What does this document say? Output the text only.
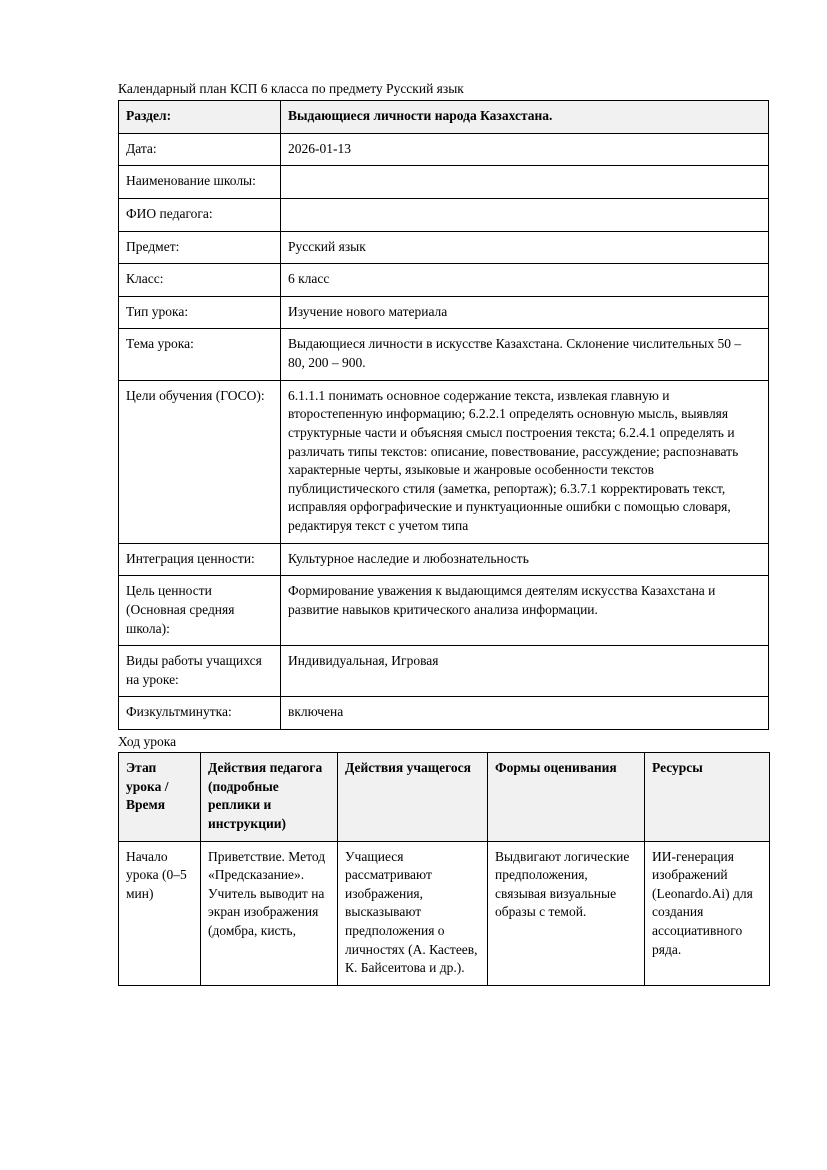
Календарный план КСП 6 класса по предмету Русский язык
Раздел:	Выдающиеся личности народа Казахстана.
Дата:	2026-01-13
Наименование школы:	
ФИО педагога:	
Предмет:	Русский язык
Класс:	6 класс
Тип урока:	Изучение нового материала
Тема урока:	Выдающиеся личности в искусстве Казахстана. Склонение числительных 50 – 80, 200 – 900.
Цели обучения (ГОСО):	6.1.1.1 понимать основное содержание текста, извлекая главную и второстепенную информацию; 6.2.2.1 определять основную мысль, выявляя структурные части и объясняя смысл построения текста; 6.2.4.1 определять и различать типы текстов: описание, повествование, рассуждение; распознавать характерные черты, языковые и жанровые особенности текстов публицистического стиля (заметка, репортаж); 6.3.7.1 корректировать текст, исправляя орфографические и пунктуационные ошибки с помощью словаря, редактируя текст с учетом типа
Интеграция ценности:	Культурное наследие и любознательность
Цель ценности (Основная средняя школа):	Формирование уважения к выдающимся деятелям искусства Казахстана и развитие навыков критического анализа информации.
Виды работы учащихся на уроке:	Индивидуальная, Игровая
Физкультминутка:	включена
Ход урока
Этап урока / Время	Действия педагога (подробные реплики и инструкции)	Действия учащегося	Формы оценивания	Ресурсы
Начало урока (0–5 мин)	Приветствие. Метод «Предсказание». Учитель выводит на экран изображения (домбра, кисть,	Учащиеся рассматривают изображения, высказывают предположения о личностях (А. Кастеев, К. Байсеитова и др.).	Выдвигают логические предположения, связывая визуальные образы с темой.	ИИ-генерация изображений (Leonardo.Ai) для создания ассоциативного ряда.
